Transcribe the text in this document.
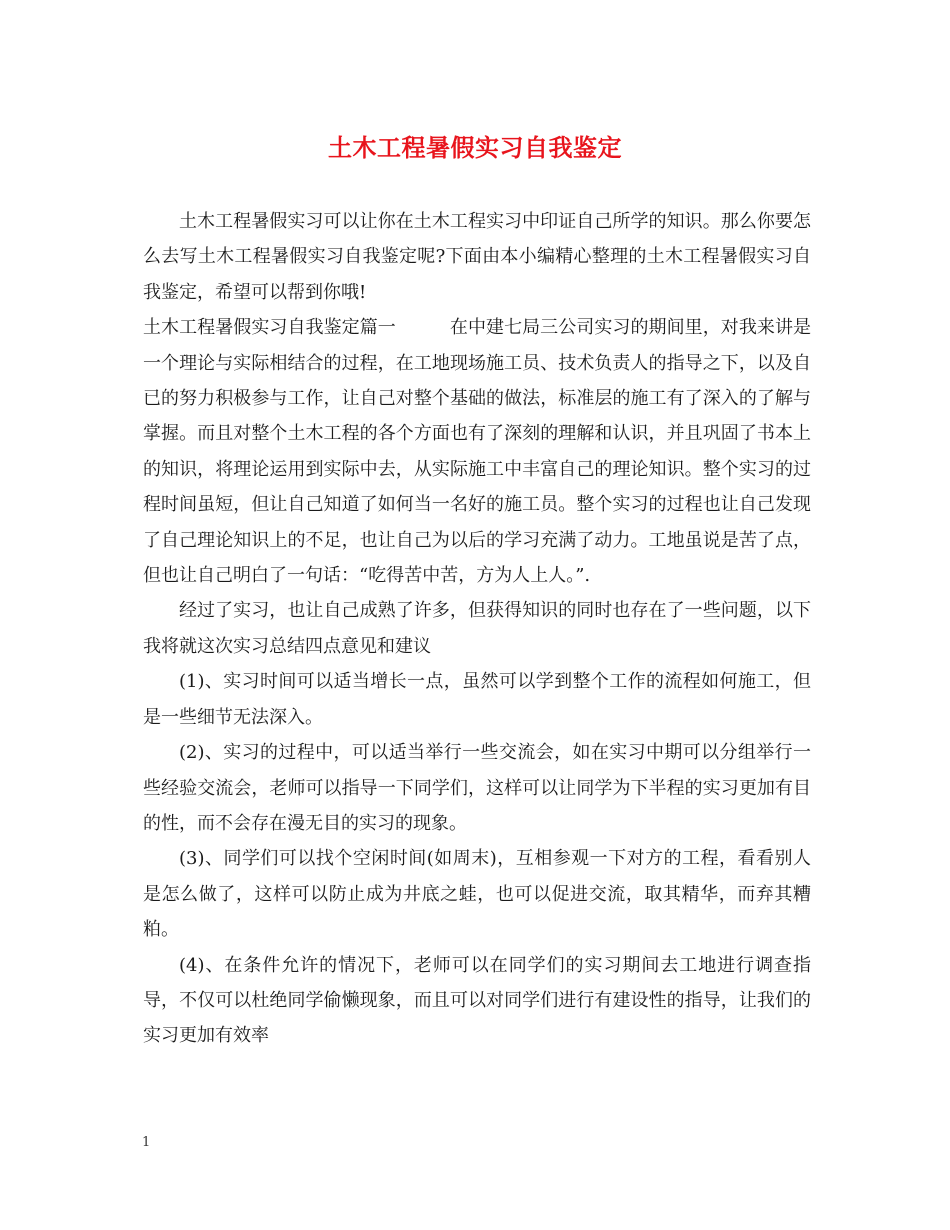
土木工程暑假实习自我鉴定

土木工程暑假实习可以让你在土木工程实习中印证自己所学的知识。那么你要怎么去写土木工程暑假实习自我鉴定呢?下面由本小编精心整理的土木工程暑假实习自我鉴定，希望可以帮到你哦!

土木工程暑假实习自我鉴定篇一	在中建七局三公司实习的期间里，对我来讲是一个理论与实际相结合的过程，在工地现场施工员、技术负责人的指导之下，以及自已的努力积极参与工作，让自己对整个基础的做法，标准层的施工有了深入的了解与掌握。而且对整个土木工程的各个方面也有了深刻的理解和认识，并且巩固了书本上的知识，将理论运用到实际中去，从实际施工中丰富自己的理论知识。整个实习的过程时间虽短，但让自己知道了如何当一名好的施工员。整个实习的过程也让自己发现了自己理论知识上的不足，也让自己为以后的学习充满了动力。工地虽说是苦了点，但也让自己明白了一句话：“吃得苦中苦，方为人上人。”.

经过了实习，也让自己成熟了许多，但获得知识的同时也存在了一些问题，以下我将就这次实习总结四点意见和建议

(1)、实习时间可以适当增长一点，虽然可以学到整个工作的流程如何施工，但是一些细节无法深入。

(2)、实习的过程中，可以适当举行一些交流会，如在实习中期可以分组举行一些经验交流会，老师可以指导一下同学们，这样可以让同学为下半程的实习更加有目的性，而不会存在漫无目的实习的现象。

(3)、同学们可以找个空闲时间(如周末)，互相参观一下对方的工程，看看别人是怎么做了，这样可以防止成为井底之蛙，也可以促进交流，取其精华，而弃其糟粕。

(4)、在条件允许的情况下，老师可以在同学们的实习期间去工地进行调查指导，不仅可以杜绝同学偷懒现象，而且可以对同学们进行有建设性的指导，让我们的实习更加有效率

1
